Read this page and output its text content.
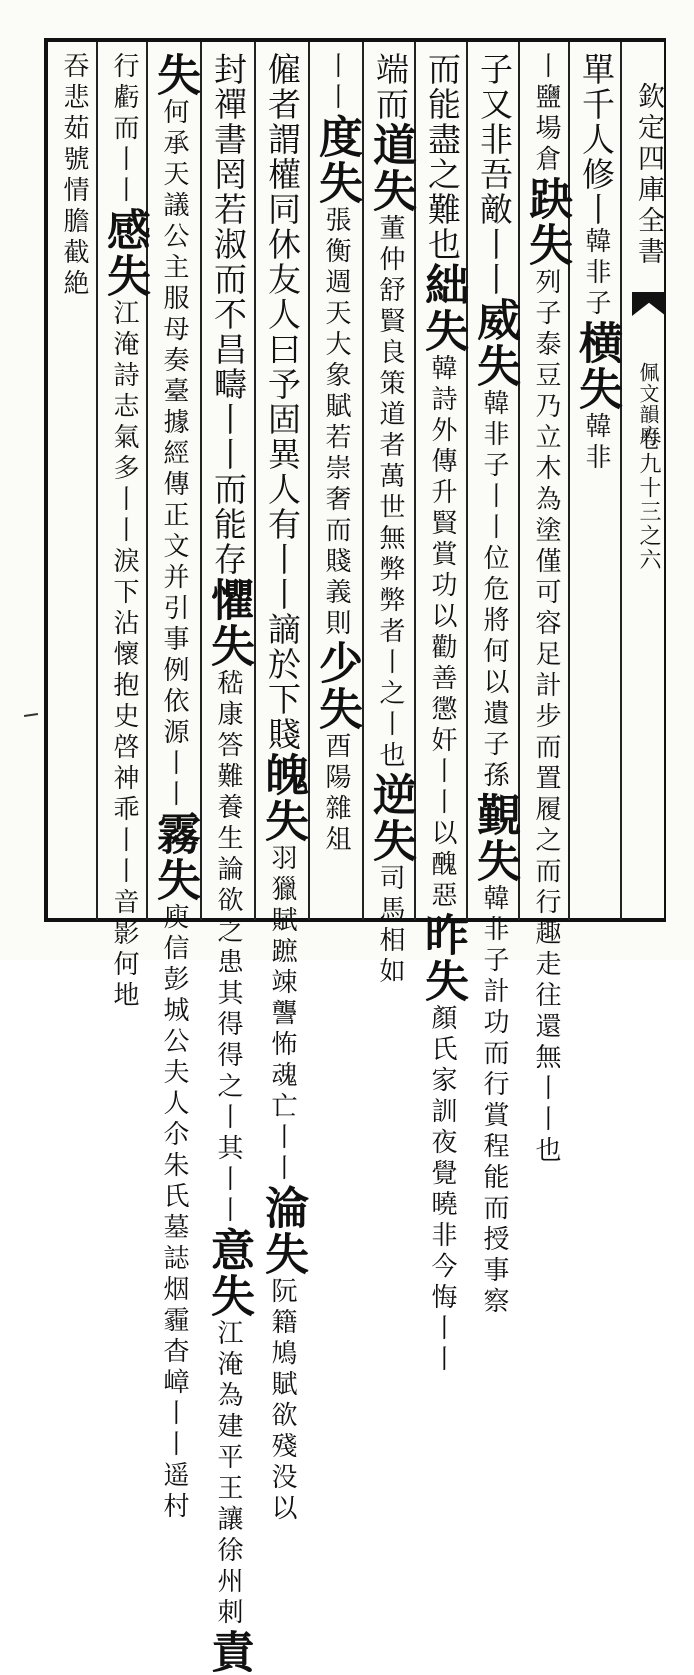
欽定四庫全書
佩文韻府
卷九十三之六
單千人修丨韓非子横失韓非
丨鹽場倉趹失列子泰豆乃立木為塗僅可容足計步而置履之而行趣走往還無丨丨也
子又非吾敵丨丨威失韓非子丨丨位危將何以遺子孫覲失韓非子計功而行賞程能而授事察
而能盡之難也絀失韓詩外傳升賢賞功以勸善懲奸丨丨以醜惡昨失顏氏家訓夜覺曉非今悔丨丨
端而道失董仲舒賢良策道者萬世無弊弊者丨之丨也逆失司馬相如
丨丨度失張衡週天大象賦若崇奢而賤義則少失酉陽雜俎
僱者謂權同休友人曰予固異人有丨丨謫於下賤魄失羽獵賦蹠竦讋怖魂亡丨丨淪失阮籍鳩賦欲殘没以
封禪書罔若淑而不昌疇丨丨而能存懼失嵇康答難養生論欲之患其得得之丨其丨丨意失江淹為建平王讓徐州刺責
失何承天議公主服母奏臺據經傳正文并引事例依源丨丨霧失庾信彭城公夫人尒朱氏墓誌烟霾杳嶂丨丨遥村
行虧而丨丨感失江淹詩志氣多丨丨淚下沾懷抱史啓神乖丨丨音影何地
吞悲茹號情膽截絶
